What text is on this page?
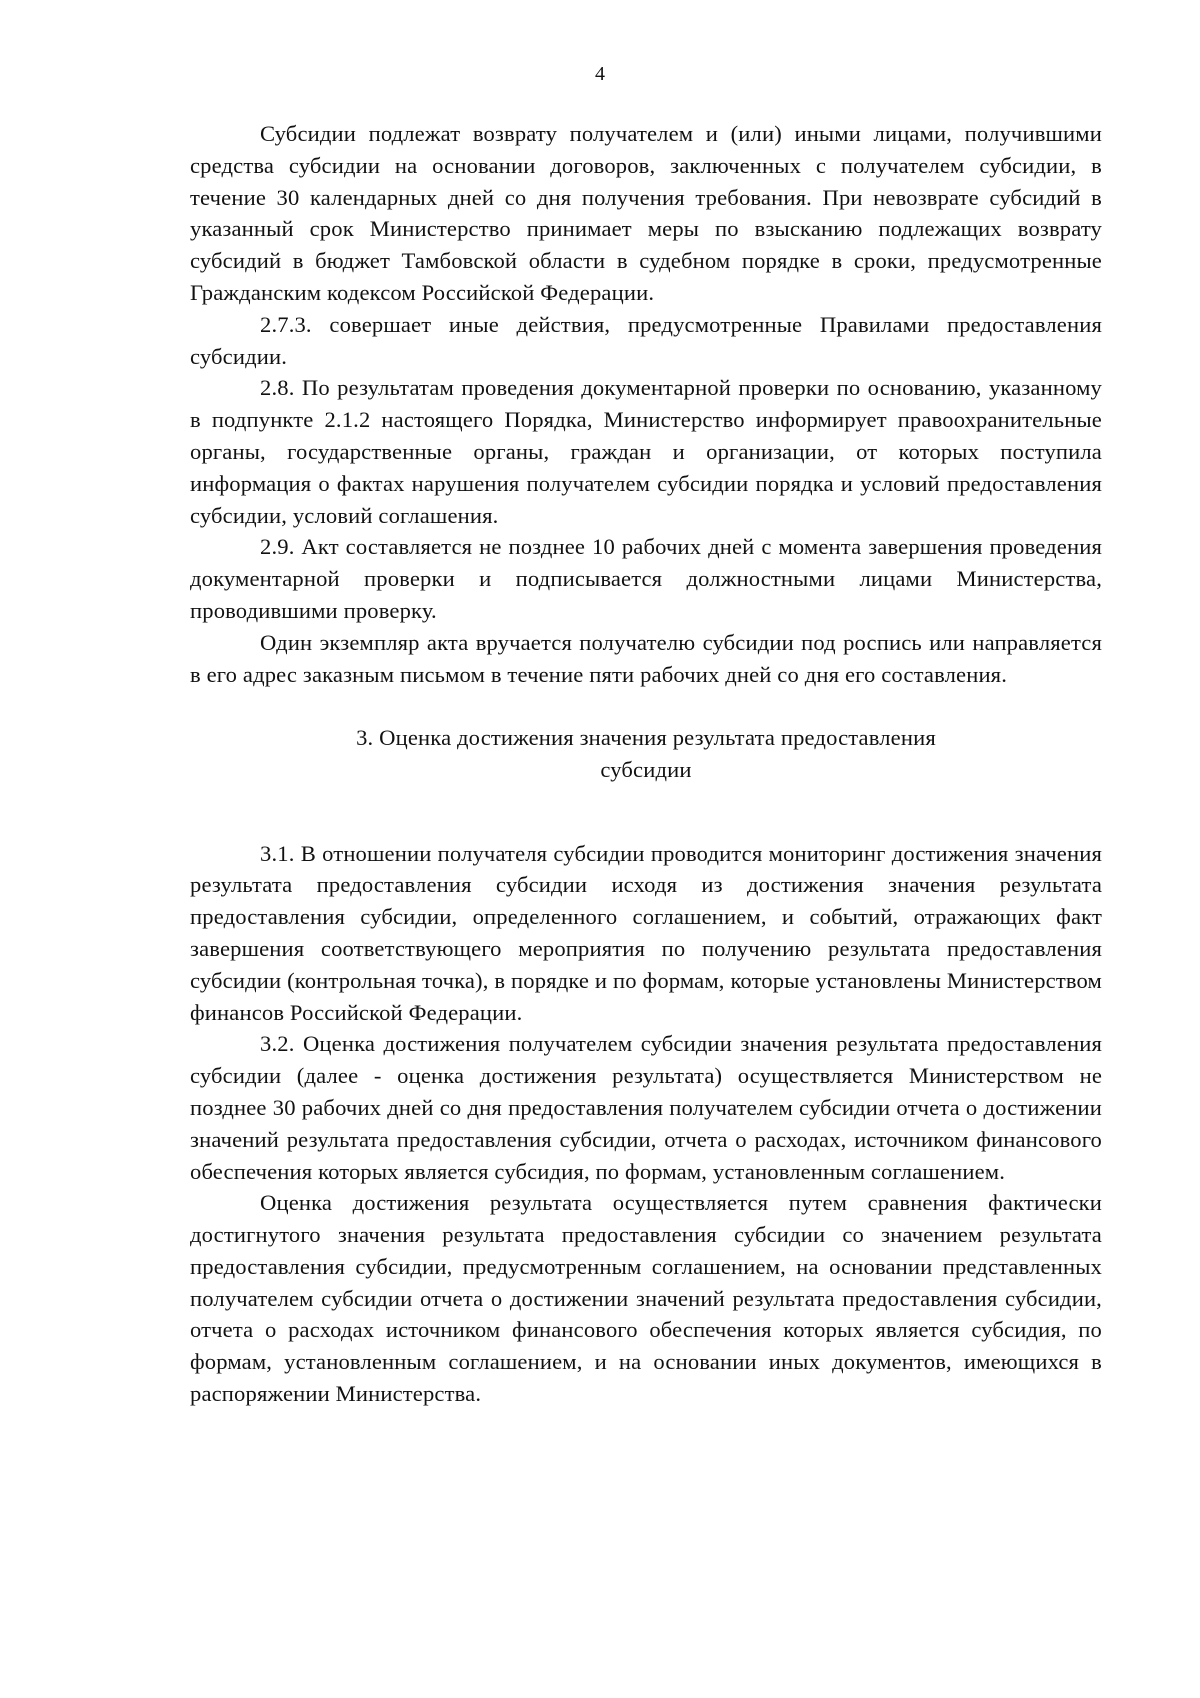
4

Субсидии подлежат возврату получателем и (или) иными лицами, получившими средства субсидии на основании договоров, заключенных с получателем субсидии, в течение 30 календарных дней со дня получения требования. При невозврате субсидий в указанный срок Министерство принимает меры по взысканию подлежащих возврату субсидий в бюджет Тамбовской области в судебном порядке в сроки, предусмотренные Гражданским кодексом Российской Федерации.

2.7.3. совершает иные действия, предусмотренные Правилами предоставления субсидии.

2.8. По результатам проведения документарной проверки по основанию, указанному в подпункте 2.1.2 настоящего Порядка, Министерство информирует правоохранительные органы, государственные органы, граждан и организации, от которых поступила информация о фактах нарушения получателем субсидии порядка и условий предоставления субсидии, условий соглашения.

2.9. Акт составляется не позднее 10 рабочих дней с момента завершения проведения документарной проверки и подписывается должностными лицами Министерства, проводившими проверку.

Один экземпляр акта вручается получателю субсидии под роспись или направляется в его адрес заказным письмом в течение пяти рабочих дней со дня его составления.

3. Оценка достижения значения результата предоставления

субсидии

3.1. В отношении получателя субсидии проводится мониторинг достижения значения результата предоставления субсидии исходя из достижения значения результата предоставления субсидии, определенного соглашением, и событий, отражающих факт завершения соответствующего мероприятия по получению результата предоставления субсидии (контрольная точка), в порядке и по формам, которые установлены Министерством финансов Российской Федерации.

3.2. Оценка достижения получателем субсидии значения результата предоставления субсидии (далее - оценка достижения результата) осуществляется Министерством не позднее 30 рабочих дней со дня предоставления получателем субсидии отчета о достижении значений результата предоставления субсидии, отчета о расходах, источником финансового обеспечения которых является субсидия, по формам, установленным соглашением.

Оценка достижения результата осуществляется путем сравнения фактически достигнутого значения результата предоставления субсидии со значением результата предоставления субсидии, предусмотренным соглашением, на основании представленных получателем субсидии отчета о достижении значений результата предоставления субсидии, отчета о расходах источником финансового обеспечения которых является субсидия, по формам, установленным соглашением, и на основании иных документов, имеющихся в распоряжении Министерства.
